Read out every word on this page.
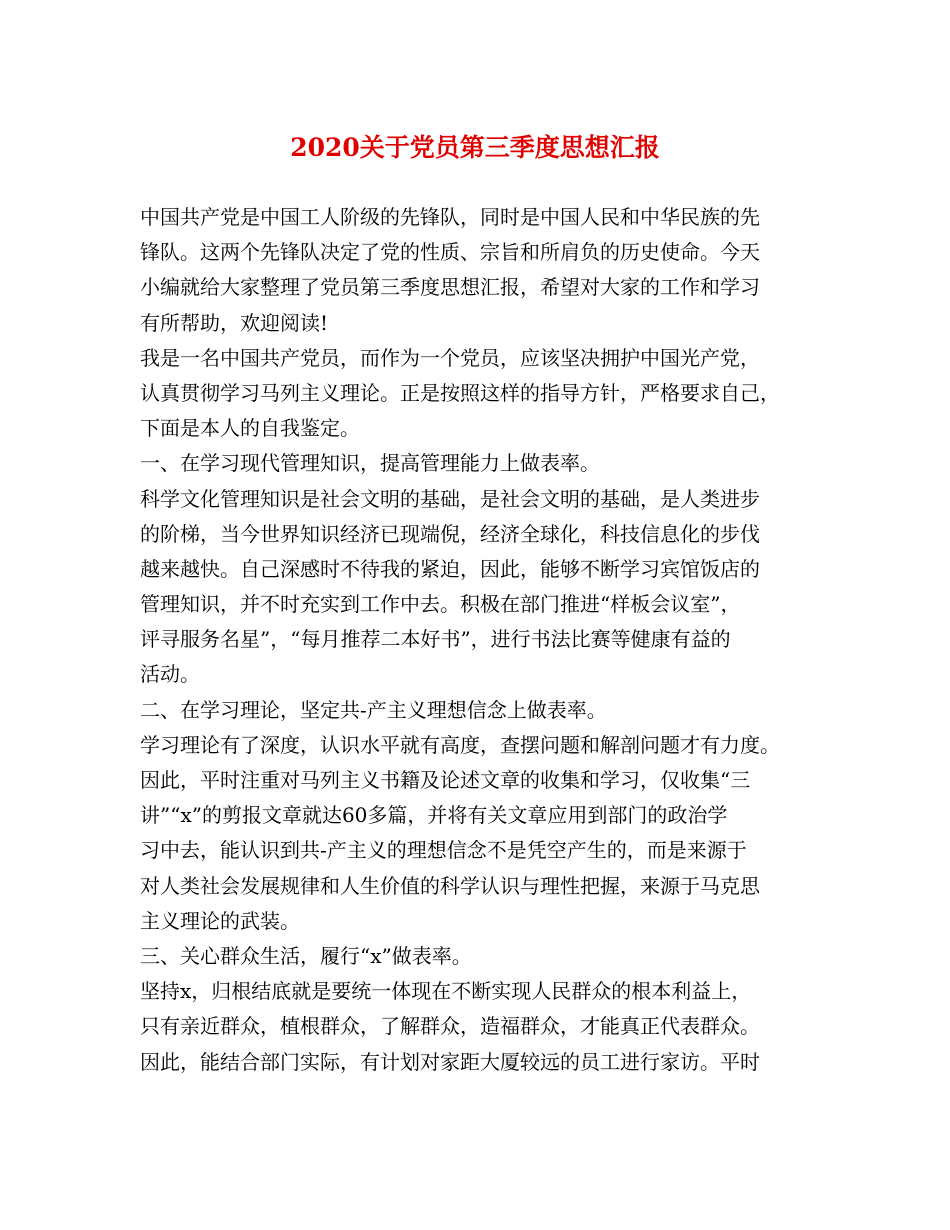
2020关于党员第三季度思想汇报
中国共产党是中国工人阶级的先锋队，同时是中国人民和中华民族的先
锋队。这两个先锋队决定了党的性质、宗旨和所肩负的历史使命。今天
小编就给大家整理了党员第三季度思想汇报，希望对大家的工作和学习
有所帮助，欢迎阅读!
我是一名中国共产党员，而作为一个党员，应该坚决拥护中国光产党，
认真贯彻学习马列主义理论。正是按照这样的指导方针，严格要求自己，
下面是本人的自我鉴定。
一、在学习现代管理知识，提高管理能力上做表率。
科学文化管理知识是社会文明的基础，是社会文明的基础，是人类进步
的阶梯，当今世界知识经济已现端倪，经济全球化，科技信息化的步伐
越来越快。自己深感时不待我的紧迫，因此，能够不断学习宾馆饭店的
管理知识，并不时充实到工作中去。积极在部门推进“样板会议室”，
评寻服务名星”，“每月推荐二本好书”，进行书法比赛等健康有益的
活动。
二、在学习理论，坚定共-产主义理想信念上做表率。
学习理论有了深度，认识水平就有高度，查摆问题和解剖问题才有力度。
因此，平时注重对马列主义书籍及论述文章的收集和学习，仅收集“三
讲”“x”的剪报文章就达60多篇，并将有关文章应用到部门的政治学
习中去，能认识到共-产主义的理想信念不是凭空产生的，而是来源于
对人类社会发展规律和人生价值的科学认识与理性把握，来源于马克思
主义理论的武装。
三、关心群众生活，履行“x”做表率。
坚持x，归根结底就是要统一体现在不断实现人民群众的根本利益上，
只有亲近群众，植根群众，了解群众，造福群众，才能真正代表群众。
因此，能结合部门实际，有计划对家距大厦较远的员工进行家访。平时
